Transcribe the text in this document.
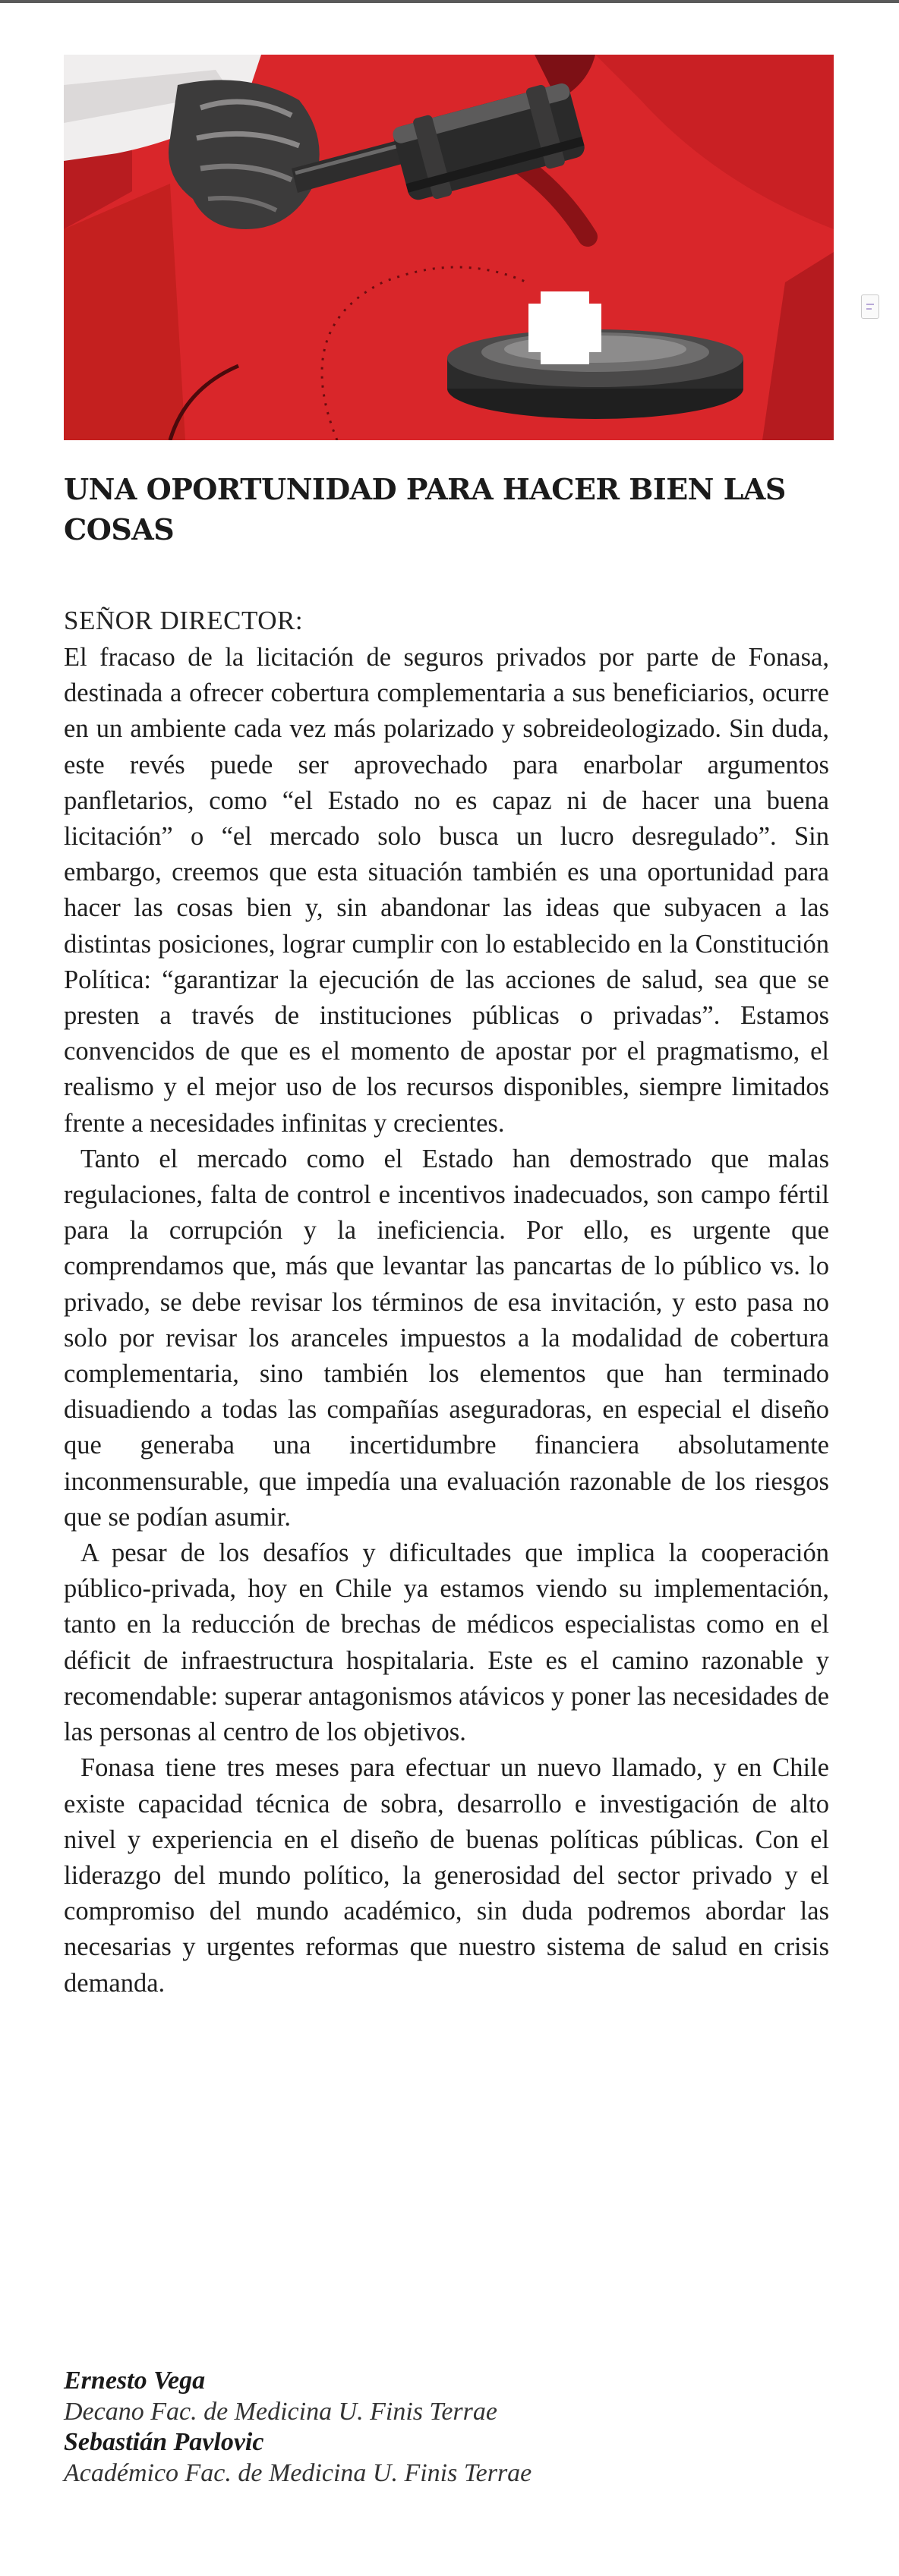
UNA OPORTUNIDAD PARA HACER BIEN LAS COSAS
SEÑOR DIRECTOR:

El fracaso de la licitación de seguros privados por parte de Fonasa, destinada a ofrecer cobertura complementaria a sus beneficiarios, ocurre en un ambiente cada vez más polarizado y sobreideologizado. Sin duda, este revés puede ser aprovechado para enarbolar argumentos panfletarios, como “el Estado no es capaz ni de hacer una buena licitación” o “el mercado solo busca un lucro desregulado”. Sin embargo, creemos que esta situación también es una oportunidad para hacer las cosas bien y, sin abandonar las ideas que subyacen a las distintas posiciones, lograr cumplir con lo establecido en la Constitución Política: “garantizar la ejecución de las acciones de salud, sea que se presten a través de instituciones públicas o privadas”. Estamos convencidos de que es el momento de apostar por el pragmatismo, el realismo y el mejor uso de los recursos disponibles, siempre limitados frente a necesidades infinitas y crecientes.

Tanto el mercado como el Estado han demostrado que malas regulaciones, falta de control e incentivos inadecuados, son campo fértil para la corrupción y la ineficiencia. Por ello, es urgente que comprendamos que, más que levantar las pancartas de lo público vs. lo privado, se debe revisar los términos de esa invitación, y esto pasa no solo por revisar los aranceles impuestos a la modalidad de cobertura complementaria, sino también los elementos que han terminado disuadiendo a todas las compañías aseguradoras, en especial el diseño que generaba una incertidumbre financiera absolutamente inconmensurable, que impedía una evaluación razonable de los riesgos que se podían asumir.

A pesar de los desafíos y dificultades que implica la cooperación público-privada, hoy en Chile ya estamos viendo su implementación, tanto en la reducción de brechas de médicos especialistas como en el déficit de infraestructura hospitalaria. Este es el camino razonable y recomendable: superar antagonismos atávicos y poner las necesidades de las personas al centro de los objetivos.

Fonasa tiene tres meses para efectuar un nuevo llamado, y en Chile existe capacidad técnica de sobra, desarrollo e investigación de alto nivel y experiencia en el diseño de buenas políticas públicas. Con el liderazgo del mundo político, la generosidad del sector privado y el compromiso del mundo académico, sin duda podremos abordar las necesarias y urgentes reformas que nuestro sistema de salud en crisis demanda.

Ernesto Vega
Decano Fac. de Medicina U. Finis Terrae
Sebastián Pavlovic
Académico Fac. de Medicina U. Finis Terrae
